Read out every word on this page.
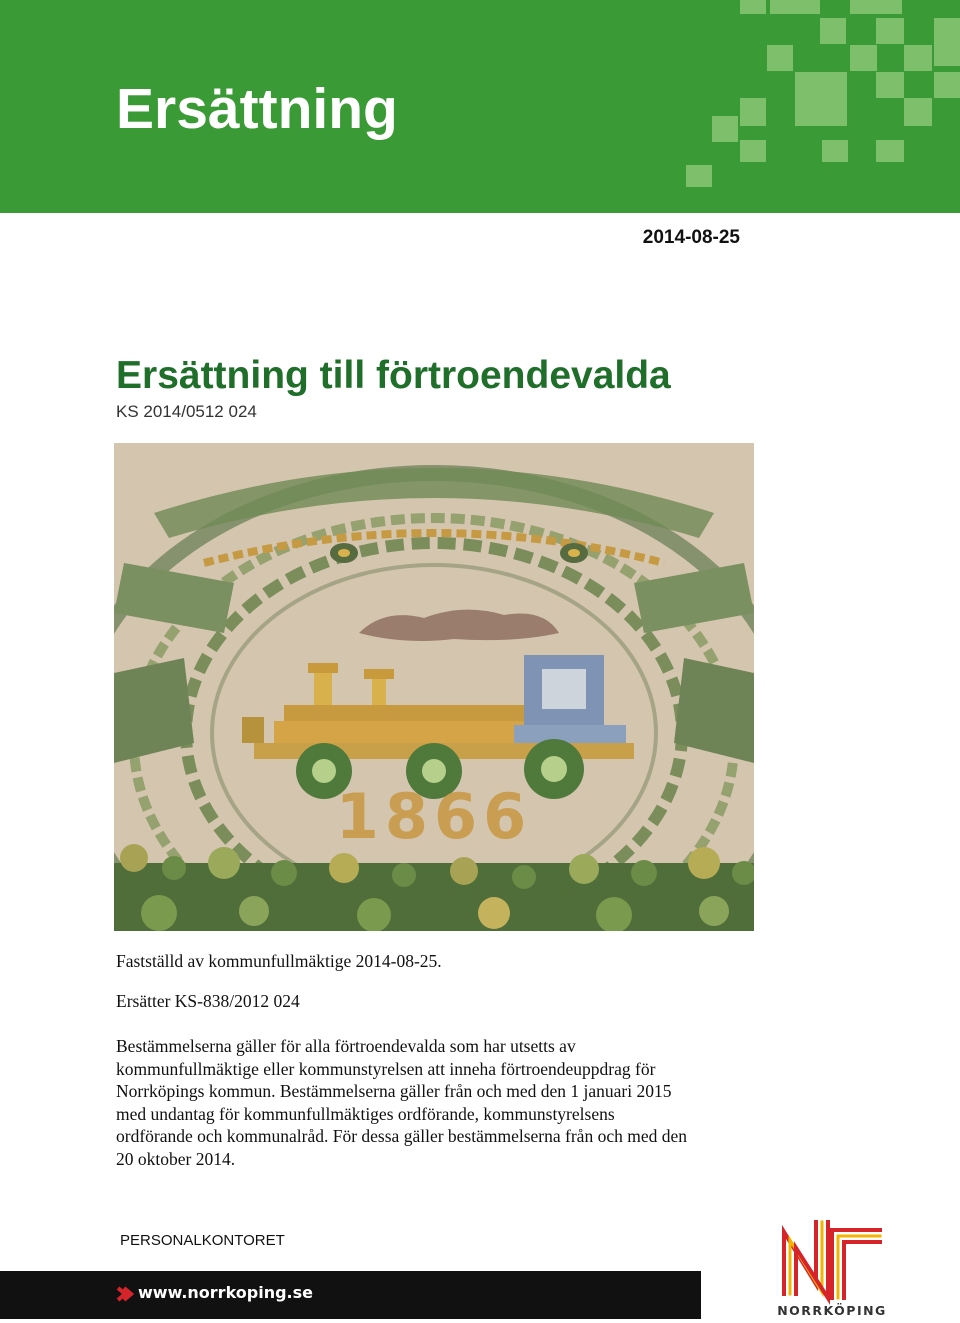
Ersättning
2014-08-25
Ersättning till förtroendevalda
KS 2014/0512 024
1866
Fastställd av kommunfullmäktige 2014-08-25.
Ersätter KS-838/2012 024
Bestämmelserna gäller för alla förtroendevalda som har utsetts av
kommunfullmäktige eller kommunstyrelsen att inneha förtroendeuppdrag för
Norrköpings kommun. Bestämmelserna gäller från och med den 1 januari 2015
med undantag för kommunfullmäktiges ordförande, kommunstyrelsens
ordförande och kommunalråd. För dessa gäller bestämmelserna från och med den
20 oktober 2014.
PERSONALKONTORET
www.norrkoping.se
NORRKÖPING
